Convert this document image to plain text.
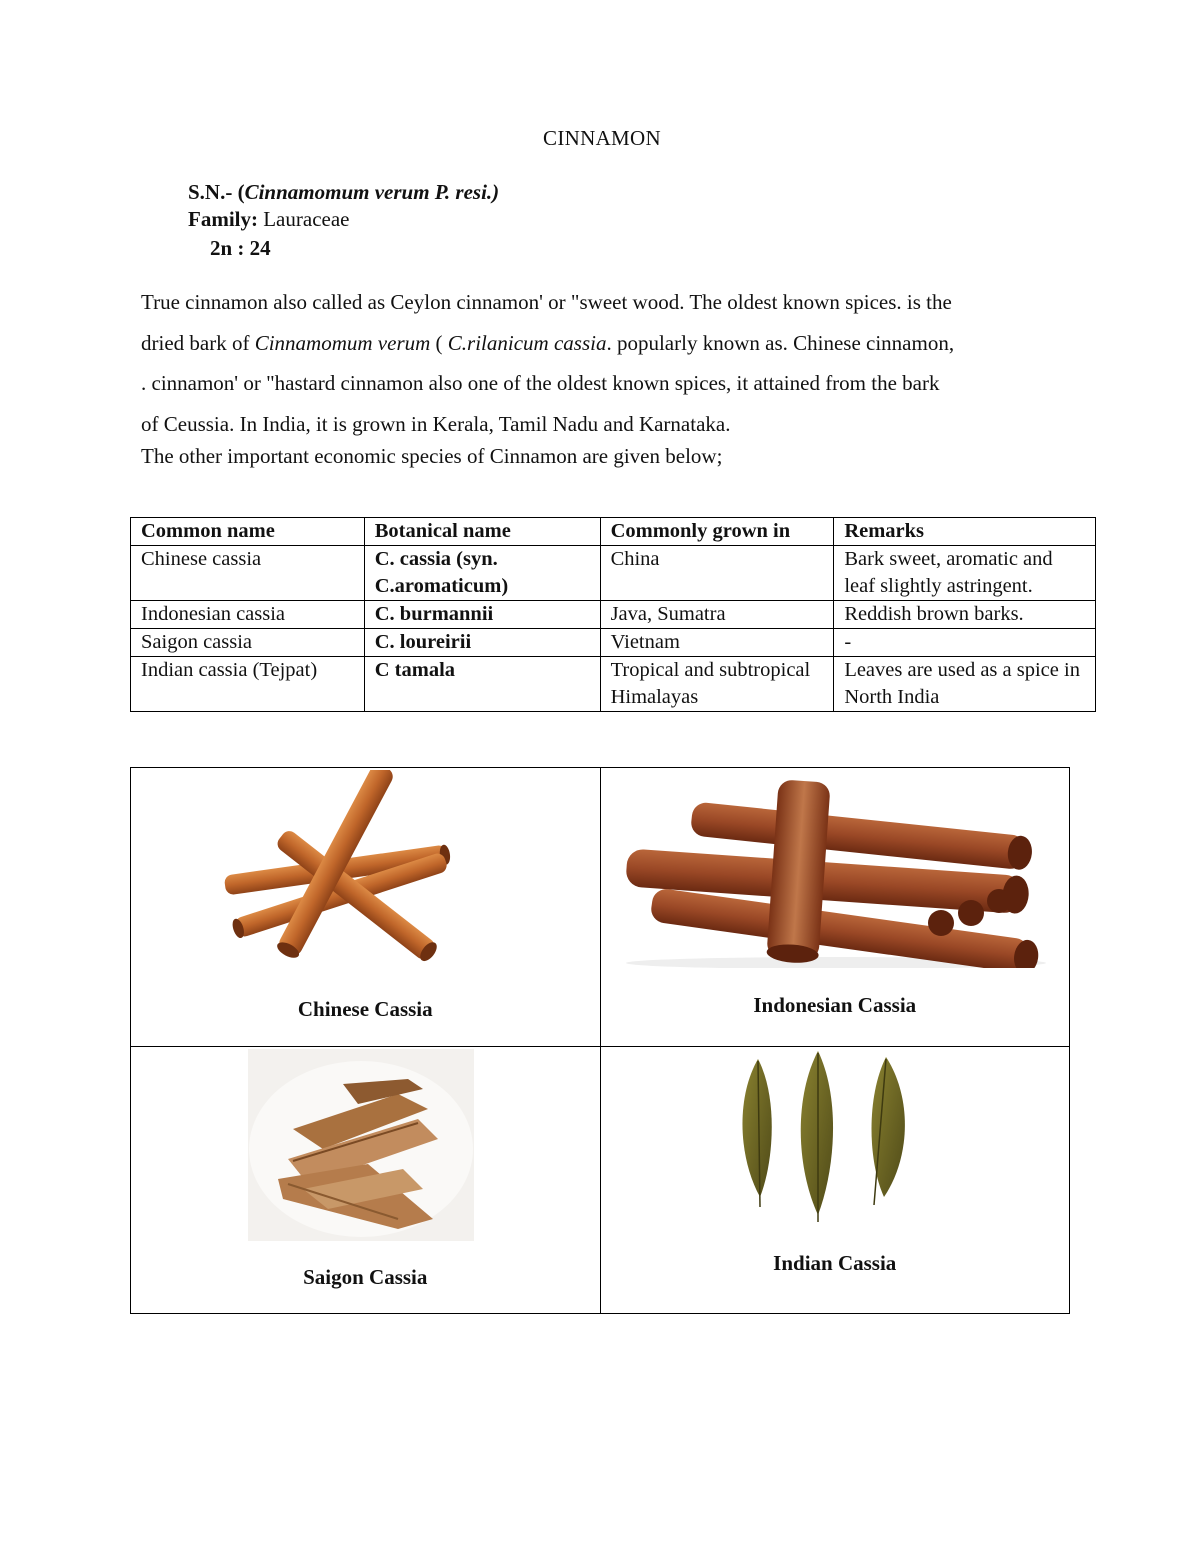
CINNAMON
S.N.- (Cinnamomum verum P. resi.)
Family: Lauraceae
2n : 24

True cinnamon also called as Ceylon cinnamon' or "sweet wood. The oldest known spices. is the

dried bark of Cinnamomum verum ( C.rilanicum cassia. popularly known as. Chinese cinnamon,

. cinnamon' or "hastard cinnamon also one of the oldest known spices, it attained from the bark

of Ceussia. In India, it is grown in Kerala, Tamil Nadu and Karnataka.

The other important economic species of Cinnamon are given below;
Common name	Botanical name	Commonly grown in	Remarks
Chinese cassia	C. cassia (syn. C.aromaticum)	China	Bark sweet, aromatic and leaf slightly astringent.
Indonesian cassia	C. burmannii	Java, Sumatra	Reddish brown barks.
Saigon cassia	C. loureirii	Vietnam	-
Indian cassia (Tejpat)	C tamala	Tropical and subtropical Himalayas	Leaves are used as a spice in North India
Chinese Cassia	Indonesian Cassia

Saigon Cassia	Indian Cassia
